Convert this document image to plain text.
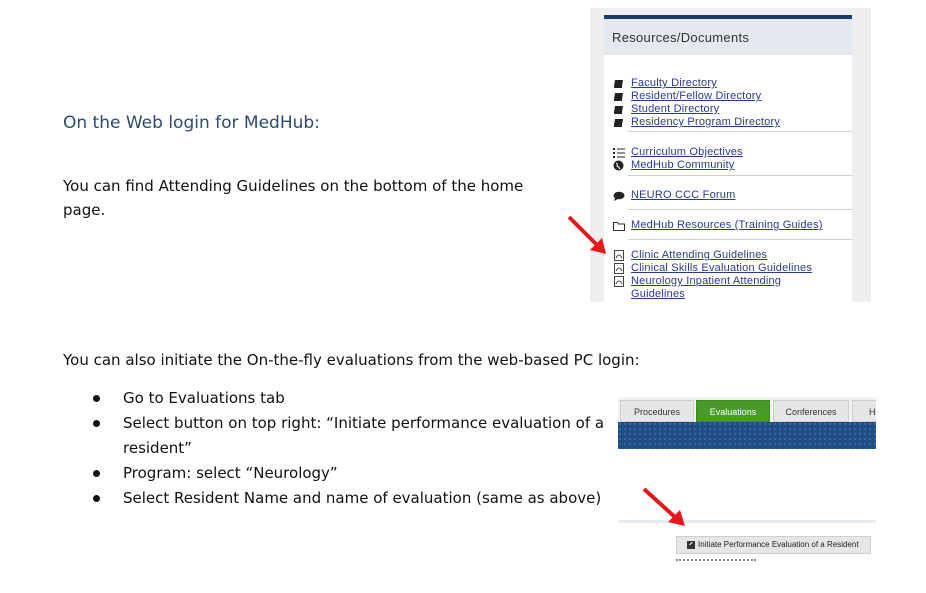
On the Web login for MedHub:

You can find Attending Guidelines on the bottom of the home page.

Resources/Documents
Faculty Directory
Resident/Fellow Directory
Student Directory
Residency Program Directory
Curriculum Objectives
MedHub Community
NEURO CCC Forum
MedHub Resources (Training Guides)
Clinic Attending Guidelines
Clinical Skills Evaluation Guidelines
Neurology Inpatient Attending Guidelines

You can also initiate the On-the-fly evaluations from the web-based PC login:

Go to Evaluations tab
Select button on top right: “Initiate performance evaluation of a resident”
Program: select “Neurology”
Select Resident Name and name of evaluation (same as above)
Procedures	Evaluations	Conferences	H
Initiate Performance Evaluation of a Resident
